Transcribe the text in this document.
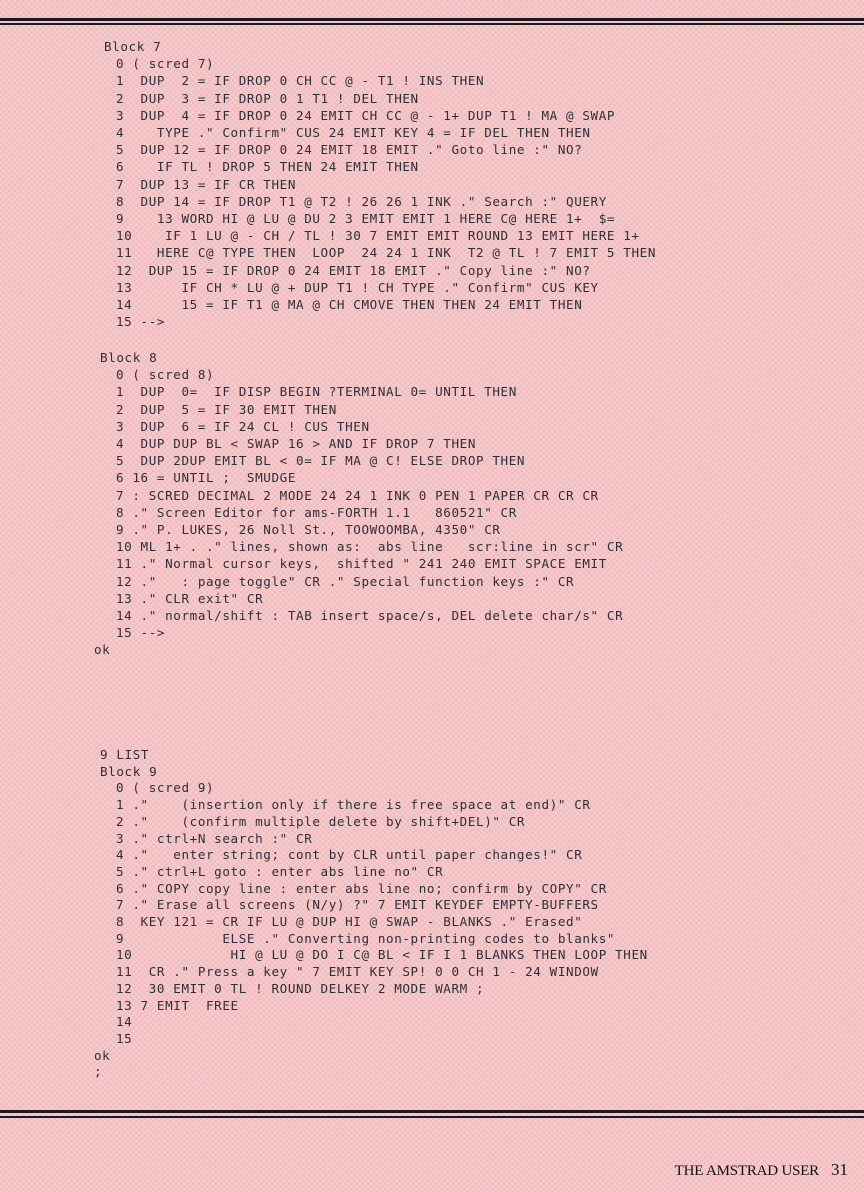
Block 7
0 ( scred 7)
1  DUP  2 = IF DROP 0 CH CC @ - T1 ! INS THEN
2  DUP  3 = IF DROP 0 1 T1 ! DEL THEN
3  DUP  4 = IF DROP 0 24 EMIT CH CC @ - 1+ DUP T1 ! MA @ SWAP
4    TYPE ." Confirm" CUS 24 EMIT KEY 4 = IF DEL THEN THEN
5  DUP 12 = IF DROP 0 24 EMIT 18 EMIT ." Goto line :" NO?
6    IF TL ! DROP 5 THEN 24 EMIT THEN
7  DUP 13 = IF CR THEN
8  DUP 14 = IF DROP T1 @ T2 ! 26 26 1 INK ." Search :" QUERY
9    13 WORD HI @ LU @ DU 2 3 EMIT EMIT 1 HERE C@ HERE 1+  $=
10    IF 1 LU @ - CH / TL ! 30 7 EMIT EMIT ROUND 13 EMIT HERE 1+
11   HERE C@ TYPE THEN  LOOP  24 24 1 INK  T2 @ TL ! 7 EMIT 5 THEN
12  DUP 15 = IF DROP 0 24 EMIT 18 EMIT ." Copy line :" NO?
13      IF CH * LU @ + DUP T1 ! CH TYPE ." Confirm" CUS KEY
14      15 = IF T1 @ MA @ CH CMOVE THEN THEN 24 EMIT THEN
15 -->
Block 8
0 ( scred 8)
1  DUP  0=  IF DISP BEGIN ?TERMINAL 0= UNTIL THEN
2  DUP  5 = IF 30 EMIT THEN
3  DUP  6 = IF 24 CL ! CUS THEN
4  DUP DUP BL < SWAP 16 > AND IF DROP 7 THEN
5  DUP 2DUP EMIT BL < 0= IF MA @ C! ELSE DROP THEN
6 16 = UNTIL ;  SMUDGE
7 : SCRED DECIMAL 2 MODE 24 24 1 INK 0 PEN 1 PAPER CR CR CR
8 ." Screen Editor for ams-FORTH 1.1   860521" CR
9 ." P. LUKES, 26 Noll St., TOOWOOMBA, 4350" CR
10 ML 1+ . ." lines, shown as:  abs line   scr:line in scr" CR
11 ." Normal cursor keys,  shifted " 241 240 EMIT SPACE EMIT
12 ."   : page toggle" CR ." Special function keys :" CR
13 ." CLR exit" CR
14 ." normal/shift : TAB insert space/s, DEL delete char/s" CR
15 -->
ok
9 LIST
Block 9
0 ( scred 9)
1 ."    (insertion only if there is free space at end)" CR
2 ."    (confirm multiple delete by shift+DEL)" CR
3 ." ctrl+N search :" CR
4 ."   enter string; cont by CLR until paper changes!" CR
5 ." ctrl+L goto : enter abs line no" CR
6 ." COPY copy line : enter abs line no; confirm by COPY" CR
7 ." Erase all screens (N/y) ?" 7 EMIT KEYDEF EMPTY-BUFFERS
8  KEY 121 = CR IF LU @ DUP HI @ SWAP - BLANKS ." Erased"
9            ELSE ." Converting non-printing codes to blanks"
10            HI @ LU @ DO I C@ BL < IF I 1 BLANKS THEN LOOP THEN
11  CR ." Press a key " 7 EMIT KEY SP! 0 0 CH 1 - 24 WINDOW
12  30 EMIT 0 TL ! ROUND DELKEY 2 MODE WARM ;
13 7 EMIT  FREE
14
15
ok
;
THE AMSTRAD USER 31
